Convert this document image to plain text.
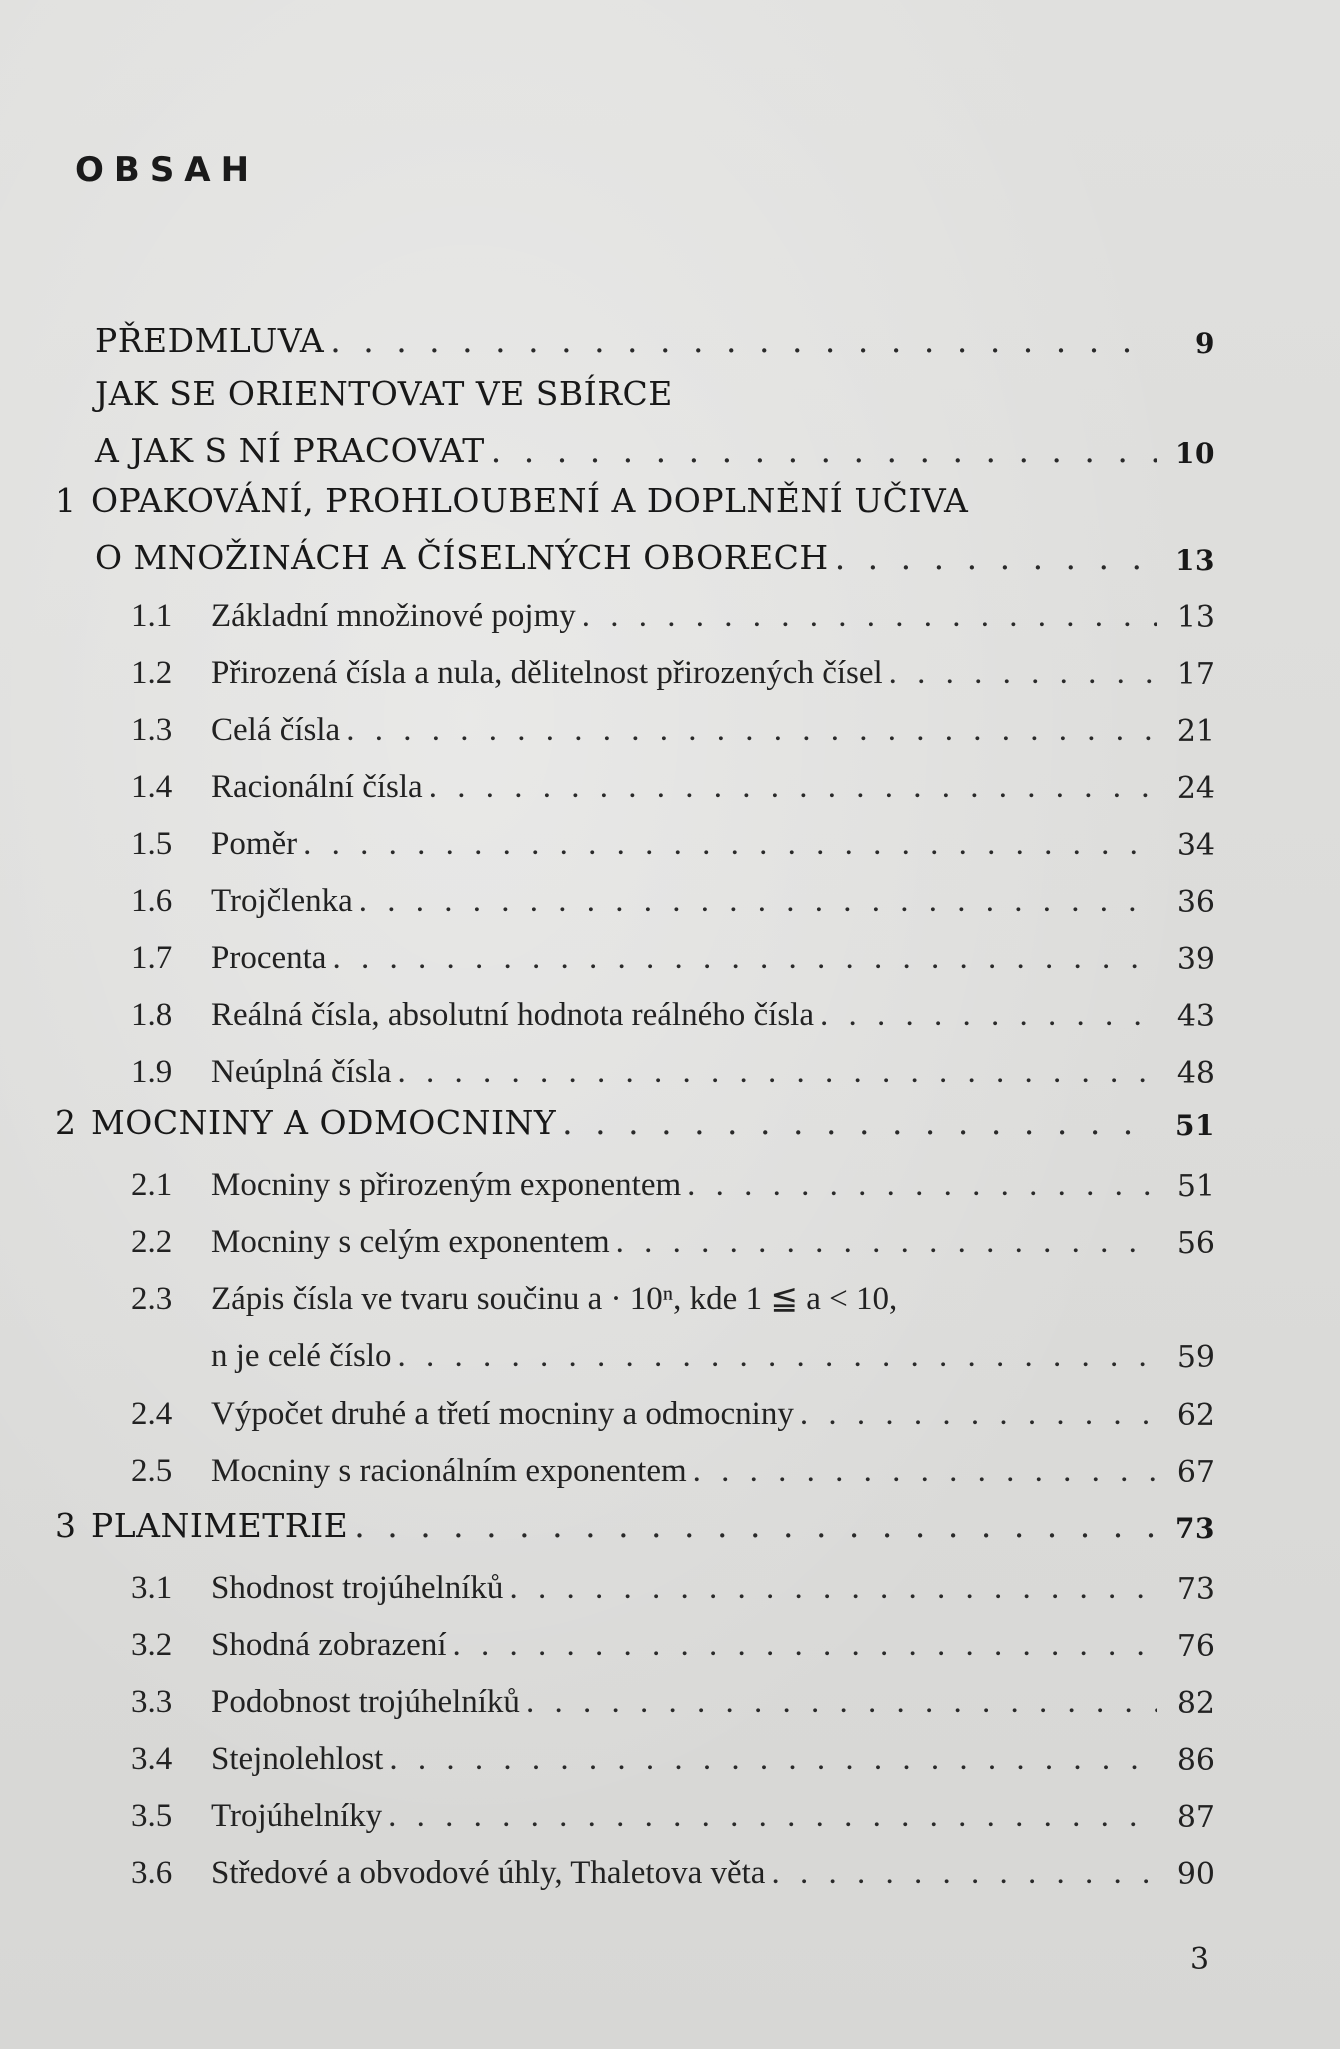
OBSAH
PŘEDMLUVA . . .	9
JAK SE ORIENTOVAT VE SBÍRCE
A JAK S NÍ PRACOVAT . . .	10
1 OPAKOVÁNÍ, PROHLOUBENÍ A DOPLNĚNÍ UČIVA
O MNOŽINÁCH A ČÍSELNÝCH OBORECH . . .	13
1.1	Základní množinové pojmy . . .	13
1.2	Přirozená čísla a nula, dělitelnost přirozených čísel . . .	17
1.3	Celá čísla . . .	21
1.4	Racionální čísla . . .	24
1.5	Poměr . . .	34
1.6	Trojčlenka . . .	36
1.7	Procenta . . .	39
1.8	Reálná čísla, absolutní hodnota reálného čísla . . .	43
1.9	Neúplná čísla . . .	48
2 MOCNINY A ODMOCNINY . . .	51
2.1	Mocniny s přirozeným exponentem . . .	51
2.2	Mocniny s celým exponentem . . .	56
2.3	Zápis čísla ve tvaru součinu a · 10ⁿ, kde 1 ≦ a < 10,
n je celé číslo . . .	59
2.4	Výpočet druhé a třetí mocniny a odmocniny . . .	62
2.5	Mocniny s racionálním exponentem . . .	67
3 PLANIMETRIE . . .	73
3.1	Shodnost trojúhelníků . . .	73
3.2	Shodná zobrazení . . .	76
3.3	Podobnost trojúhelníků . . .	82
3.4	Stejnolehlost . . .	86
3.5	Trojúhelníky . . .	87
3.6	Středové a obvodové úhly, Thaletova věta . . .	90
3
